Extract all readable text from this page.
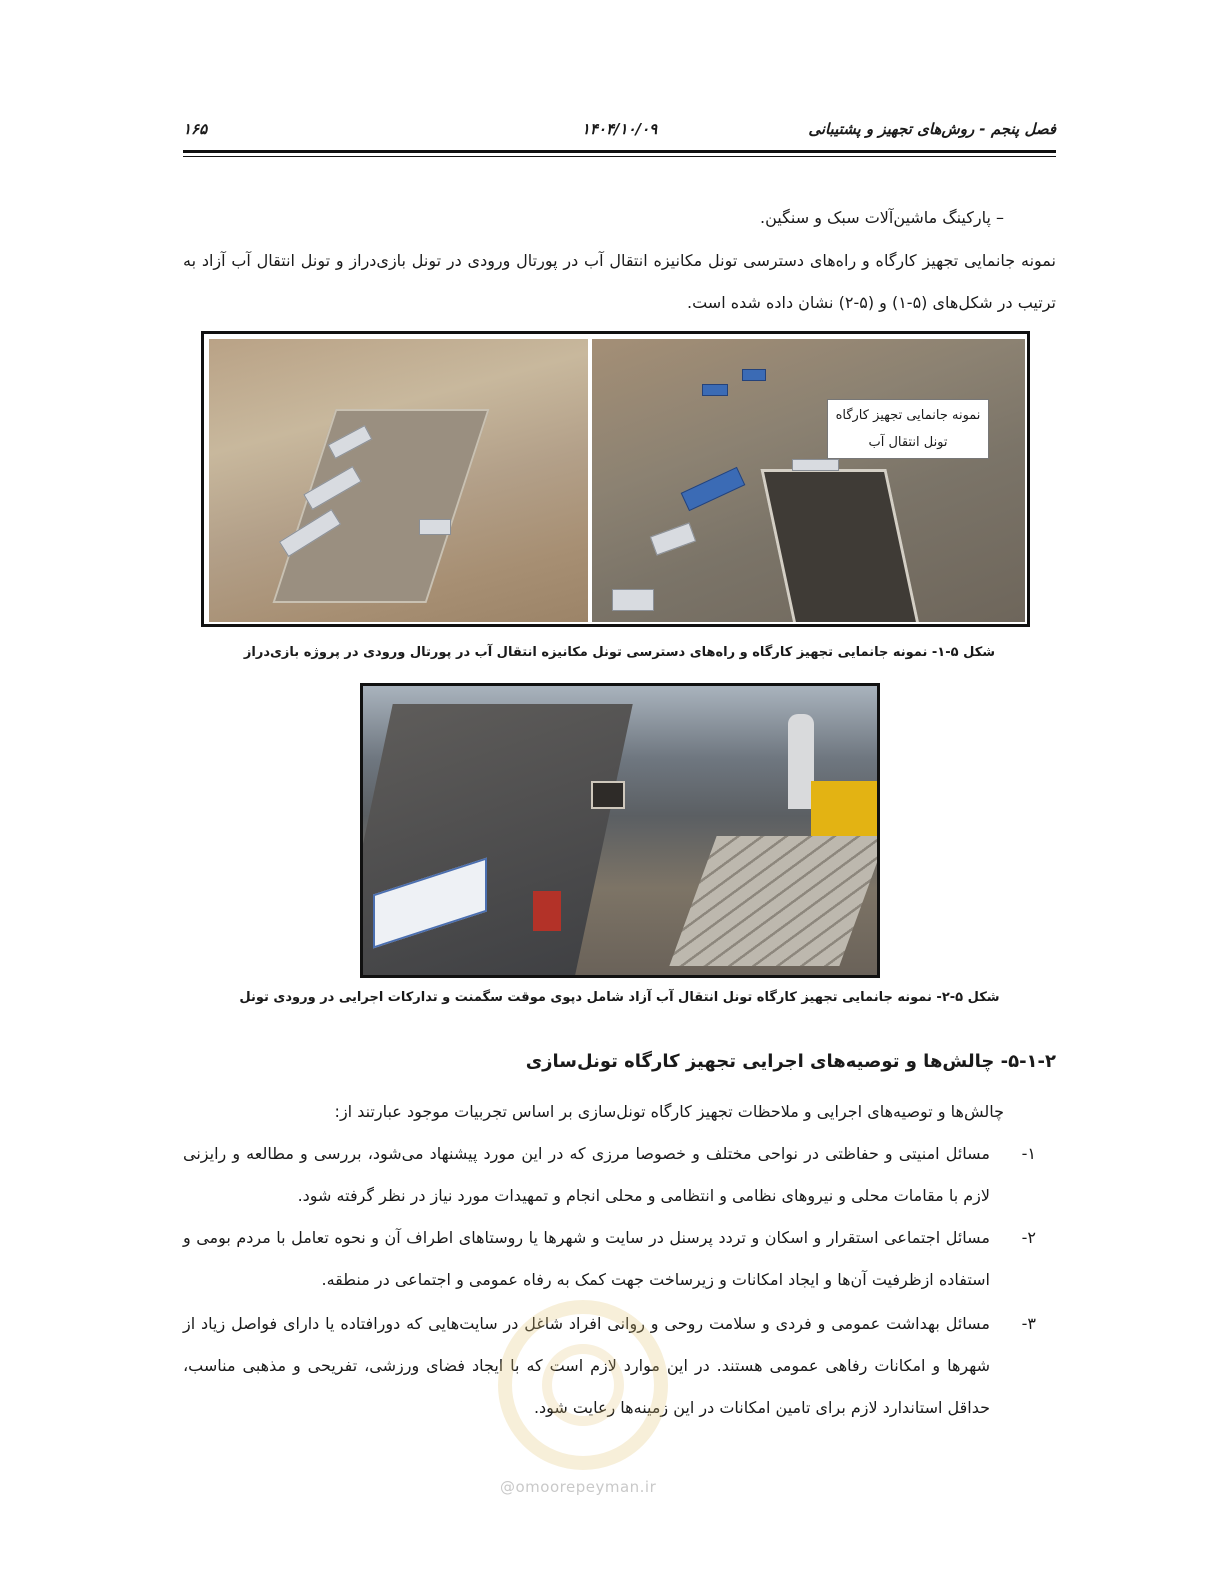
فصل پنجم - روش‌های تجهیز و پشتیبانی
۱۴۰۴/۱۰/۰۹
۱۶۵
– پارکینگ ماشین‌آلات سبک و سنگین.
نمونه جانمایی تجهیز کارگاه و راه‌های دسترسی تونل مکانیزه انتقال آب در پورتال ورودی در تونل بازی‌دراز و تونل انتقال آب آزاد به ترتیب در شکل‌های (۵-۱) و (۵-۲) نشان داده شده است.
نمونه جانمایی تجهیز کارگاه تونل انتقال آب
شکل ۵-۱- نمونه جانمایی تجهیز کارگاه و راه‌های دسترسی تونل مکانیزه انتقال آب در پورتال ورودی در پروژه بازی‌دراز
شکل ۵-۲- نمونه جانمایی تجهیز کارگاه تونل انتقال آب آزاد شامل دپوی موقت سگمنت و تدارکات اجرایی در ورودی تونل
۵-۱-۲- چالش‌ها و توصیه‌های اجرایی تجهیز کارگاه تونل‌سازی
چالش‌ها و توصیه‌های اجرایی و ملاحظات تجهیز کارگاه تونل‌سازی بر اساس تجربیات موجود عبارتند از:
۱-
مسائل امنیتی و حفاظتی در نواحی مختلف و خصوصا مرزی که در این مورد پیشنهاد می‌شود، بررسی و مطالعه و رایزنی لازم با مقامات محلی و نیروهای نظامی و انتظامی و محلی انجام و تمهیدات مورد نیاز در نظر گرفته شود.
۲-
مسائل اجتماعی استقرار و اسکان و تردد پرسنل در سایت و شهرها یا روستاهای اطراف آن و نحوه تعامل با مردم بومی و استفاده ازظرفیت آن‌ها و ایجاد امکانات و زیرساخت جهت کمک به رفاه عمومی و اجتماعی در منطقه.
۳-
مسائل بهداشت عمومی و فردی و سلامت روحی و روانی افراد شاغل در سایت‌هایی که دورافتاده یا دارای فواصل زیاد از شهرها و امکانات رفاهی عمومی هستند. در این موارد لازم است که با ایجاد فضای ورزشی، تفریحی و مذهبی مناسب، حداقل استاندارد لازم برای تامین امکانات در این زمینه‌ها رعایت شود.
@omoorepeyman.ir
